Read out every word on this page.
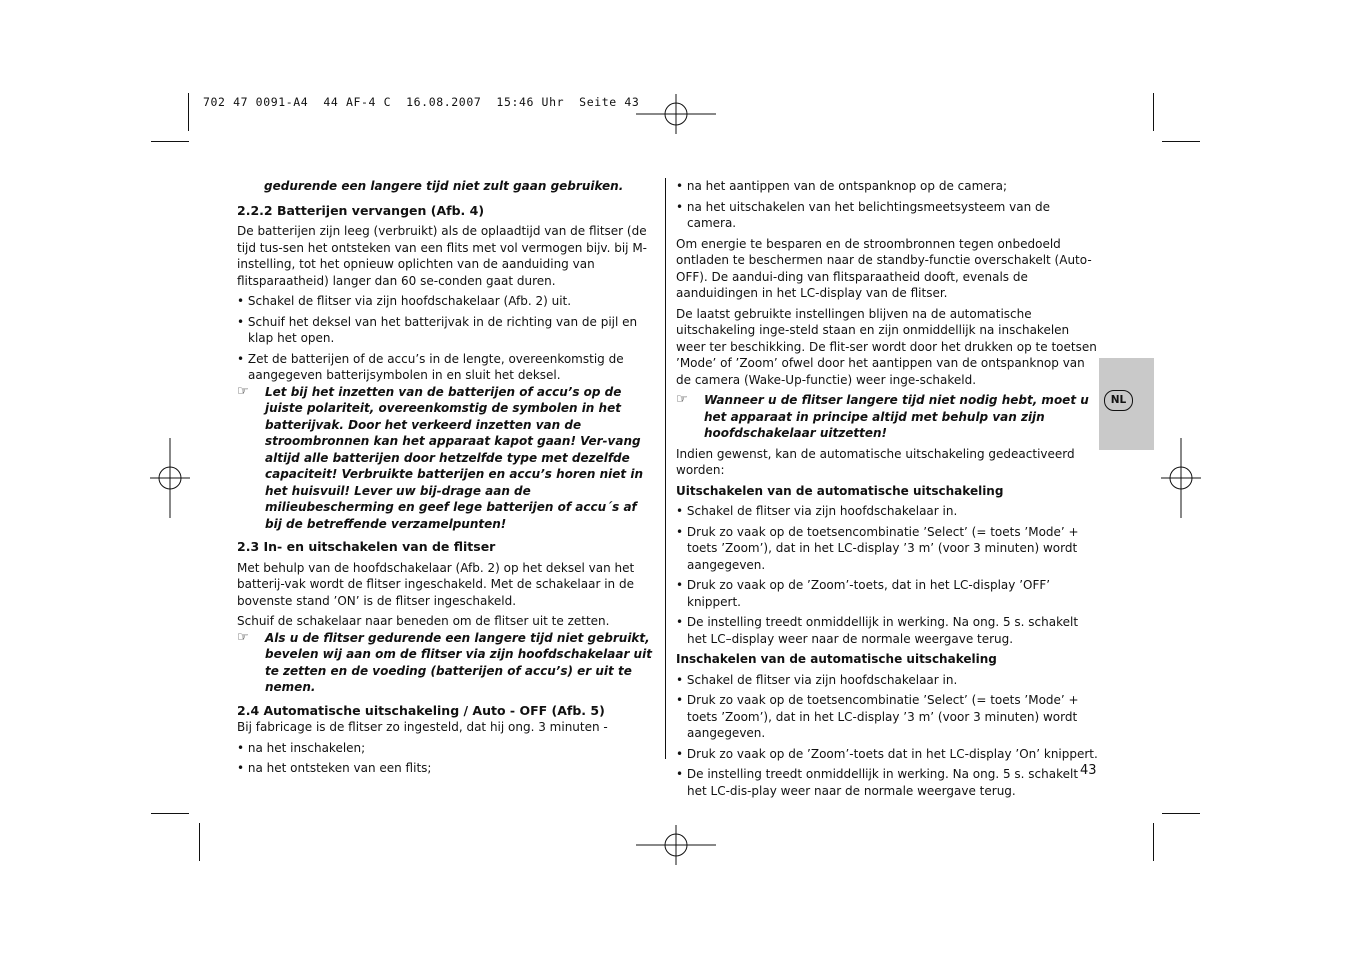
702 47 0091-A4  44 AF-4 C  16.08.2007  15:46 Uhr  Seite 43

gedurende een langere tijd niet zult gaan gebruiken.

2.2.2 Batterijen vervangen (Afb. 4)

De batterijen zijn leeg (verbruikt) als de oplaadtijd van de flitser (de tijd tus-sen het ontsteken van een flits met vol vermogen bijv. bij M-instelling, tot het opnieuw oplichten van de aanduiding van flitsparaatheid) langer dan 60 se-conden gaat duren.

• Schakel de flitser via zijn hoofdschakelaar (Afb. 2) uit.

• Schuif het deksel van het batterijvak in de richting van de pijl en klap het open.

• Zet de batterijen of de accu’s in de lengte, overeenkomstig de aangegeven batterijsymbolen in en sluit het deksel.

☞ Let bij het inzetten van de batterijen of accu’s op de juiste polariteit, overeenkomstig de symbolen in het batterijvak. Door het verkeerd inzetten van de stroombronnen kan het apparaat kapot gaan! Ver-vang altijd alle batterijen door hetzelfde type met dezelfde capaciteit! Verbruikte batterijen en accu’s horen niet in het huisvuil! Lever uw bij-drage aan de milieubescherming en geef lege batterijen of accu´s af bij de betreffende verzamelpunten!

2.3 In- en uitschakelen van de flitser

Met behulp van de hoofdschakelaar (Afb. 2) op het deksel van het batterij-vak wordt de flitser ingeschakeld. Met de schakelaar in de bovenste stand ’ON’ is de flitser ingeschakeld.

Schuif de schakelaar naar beneden om de flitser uit te zetten.

☞ Als u de flitser gedurende een langere tijd niet gebruikt, bevelen wij aan om de flitser via zijn hoofdschakelaar uit te zetten en de voeding (batterijen of accu’s) er uit te nemen.

2.4 Automatische uitschakeling / Auto - OFF (Afb. 5)

Bij fabricage is de flitser zo ingesteld, dat hij ong. 3 minuten -

• na het inschakelen;

• na het ontsteken van een flits;

• na het aantippen van de ontspanknop op de camera;

• na het uitschakelen van het belichtingsmeetsysteem van de camera.

Om energie te besparen en de stroombronnen tegen onbedoeld ontladen te beschermen naar de standby-functie overschakelt (Auto-OFF). De aandui-ding van flitsparaatheid dooft, evenals de aanduidingen in het LC-display van de flitser.

De laatst gebruikte instellingen blijven na de automatische uitschakeling inge-steld staan en zijn onmiddellijk na inschakelen weer ter beschikking. De flit-ser wordt door het drukken op te toetsen ’Mode’ of ’Zoom’ ofwel door het aantippen van de ontspanknop van de camera (Wake-Up-functie) weer inge-schakeld.

☞ Wanneer u de flitser langere tijd niet nodig hebt, moet u het apparaat in principe altijd met behulp van zijn hoofdschakelaar uitzetten!

Indien gewenst, kan de automatische uitschakeling gedeactiveerd worden:

Uitschakelen van de automatische uitschakeling

• Schakel de flitser via zijn hoofdschakelaar in.

• Druk zo vaak op de toetsencombinatie ’Select’ (= toets ’Mode’ + toets ’Zoom’), dat in het LC-display ’3 m’ (voor 3 minuten) wordt aangegeven.

• Druk zo vaak op de ’Zoom’-toets, dat in het LC-display ’OFF’ knippert.

• De instelling treedt onmiddellijk in werking. Na ong. 5 s. schakelt het LC–display weer naar de normale weergave terug.

Inschakelen van de automatische uitschakeling

• Schakel de flitser via zijn hoofdschakelaar in.

• Druk zo vaak op de toetsencombinatie ’Select’ (= toets ’Mode’ + toets ’Zoom’), dat in het LC-display ’3 m’ (voor 3 minuten) wordt aangegeven.

• Druk zo vaak op de ’Zoom’-toets dat in het LC-display ’On’ knippert.

• De instelling treedt onmiddellijk in werking. Na ong. 5 s. schakelt het LC-dis-play weer naar de normale weergave terug.

NL
43
